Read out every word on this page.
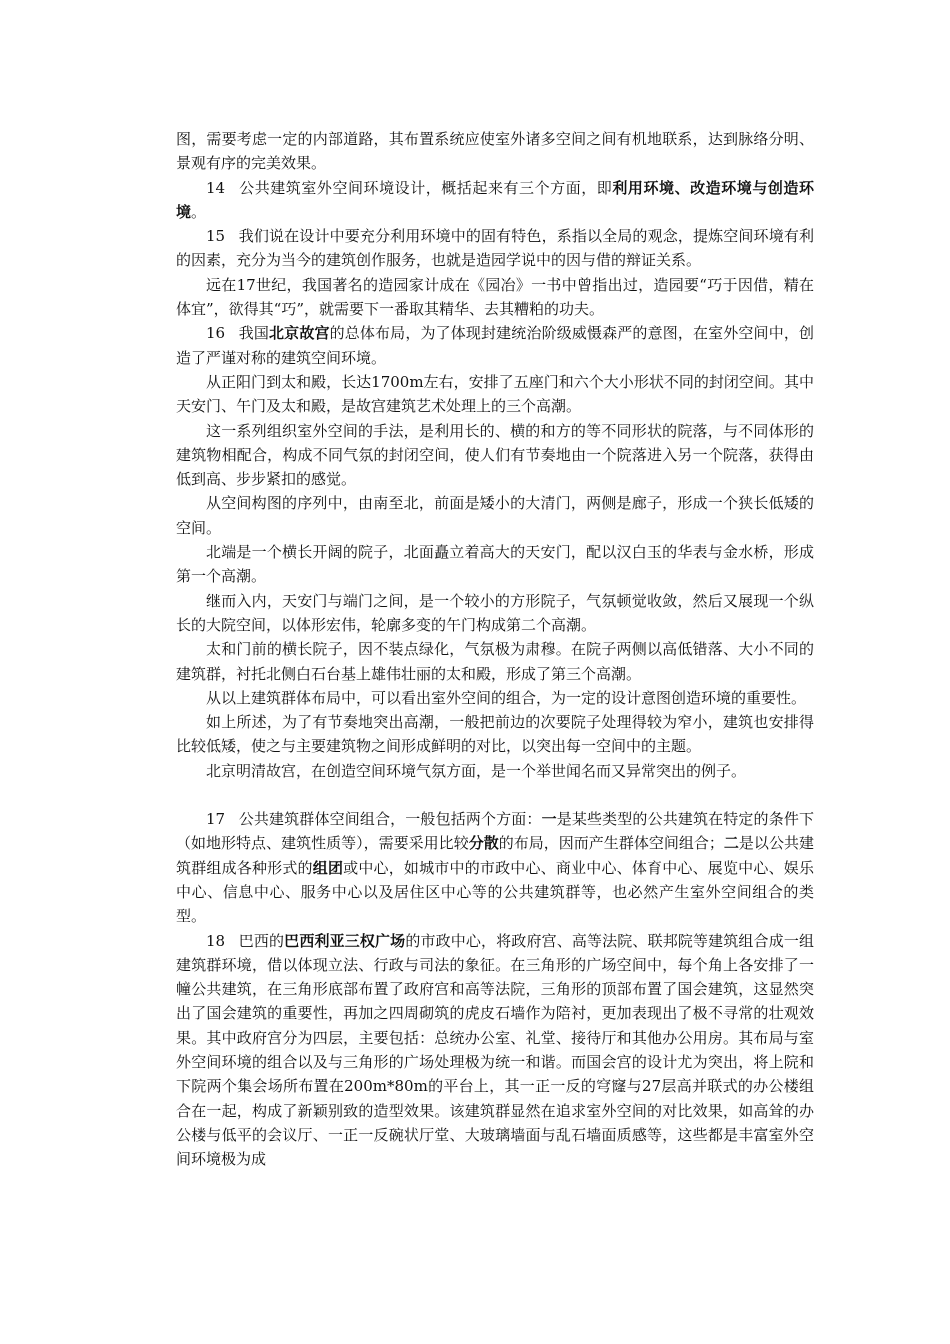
图，需要考虑一定的内部道路，其布置系统应使室外诸多空间之间有机地联系，达到脉络分明、景观有序的完美效果。

14 公共建筑室外空间环境设计，概括起来有三个方面，即利用环境、改造环境与创造环境。

15 我们说在设计中要充分利用环境中的固有特色，系指以全局的观念，提炼空间环境有利的因素，充分为当今的建筑创作服务，也就是造园学说中的因与借的辩证关系。

远在17世纪，我国著名的造园家计成在《园冶》一书中曾指出过，造园要“巧于因借，精在体宜”，欲得其“巧”，就需要下一番取其精华、去其糟粕的功夫。

16 我国北京故宫的总体布局，为了体现封建统治阶级威慑森严的意图，在室外空间中，创造了严谨对称的建筑空间环境。

从正阳门到太和殿，长达1700m左右，安排了五座门和六个大小形状不同的封闭空间。其中天安门、午门及太和殿，是故宫建筑艺术处理上的三个高潮。

这一系列组织室外空间的手法，是利用长的、横的和方的等不同形状的院落，与不同体形的建筑物相配合，构成不同气氛的封闭空间，使人们有节奏地由一个院落进入另一个院落，获得由低到高、步步紧扣的感觉。

从空间构图的序列中，由南至北，前面是矮小的大清门，两侧是廊子，形成一个狭长低矮的空间。

北端是一个横长开阔的院子，北面矗立着高大的天安门，配以汉白玉的华表与金水桥，形成第一个高潮。

继而入内，天安门与端门之间，是一个较小的方形院子，气氛顿觉收敛，然后又展现一个纵长的大院空间，以体形宏伟，轮廓多变的午门构成第二个高潮。

太和门前的横长院子，因不装点绿化，气氛极为肃穆。在院子两侧以高低错落、大小不同的建筑群，衬托北侧白石台基上雄伟壮丽的太和殿，形成了第三个高潮。

从以上建筑群体布局中，可以看出室外空间的组合，为一定的设计意图创造环境的重要性。

如上所述，为了有节奏地突出高潮，一般把前边的次要院子处理得较为窄小，建筑也安排得比较低矮，使之与主要建筑物之间形成鲜明的对比，以突出每一空间中的主题。

北京明清故宫，在创造空间环境气氛方面，是一个举世闻名而又异常突出的例子。

17 公共建筑群体空间组合，一般包括两个方面：一是某些类型的公共建筑在特定的条件下（如地形特点、建筑性质等），需要采用比较分散的布局，因而产生群体空间组合；二是以公共建筑群组成各种形式的组团或中心，如城市中的市政中心、商业中心、体育中心、展览中心、娱乐中心、信息中心、服务中心以及居住区中心等的公共建筑群等，也必然产生室外空间组合的类型。

18 巴西的巴西利亚三权广场的市政中心，将政府宫、高等法院、联邦院等建筑组合成一组建筑群环境，借以体现立法、行政与司法的象征。在三角形的广场空间中，每个角上各安排了一幢公共建筑，在三角形底部布置了政府宫和高等法院，三角形的顶部布置了国会建筑，这显然突出了国会建筑的重要性，再加之四周砌筑的虎皮石墙作为陪衬，更加表现出了极不寻常的壮观效果。其中政府宫分为四层，主要包括：总统办公室、礼堂、接待厅和其他办公用房。其布局与室外空间环境的组合以及与三角形的广场处理极为统一和谐。而国会宫的设计尤为突出，将上院和下院两个集会场所布置在200m*80m的平台上，其一正一反的穹窿与27层高并联式的办公楼组合在一起，构成了新颖别致的造型效果。该建筑群显然在追求室外空间的对比效果，如高耸的办公楼与低平的会议厅、一正一反碗状厅堂、大玻璃墙面与乱石墙面质感等，这些都是丰富室外空间环境极为成
